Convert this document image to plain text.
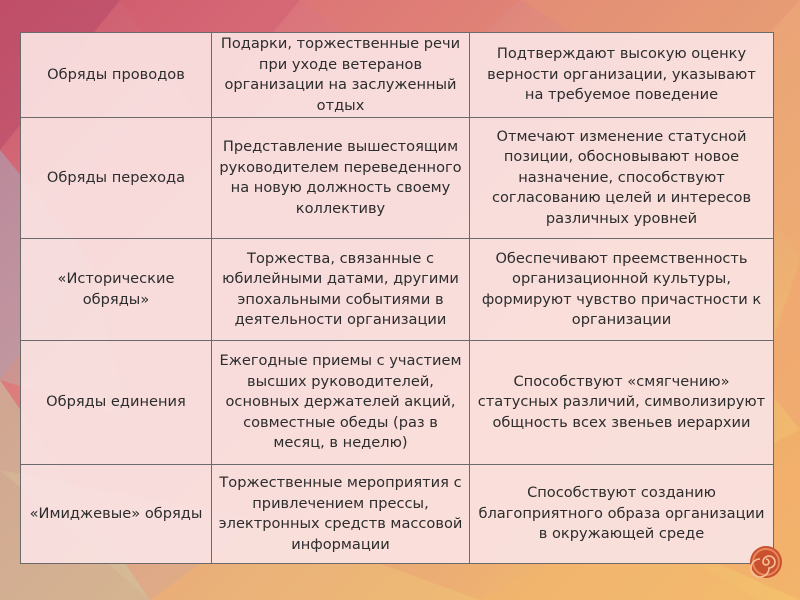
Обряды проводов	Подарки, торжественные речи при уходе ветеранов организации на заслуженный отдых	Подтверждают высокую оценку верности организации, указывают на требуемое поведение

Обряды перехода	Представление вышестоящим руководителем переведенного на новую должность своему коллективу	Отмечают изменение статусной позиции, обосновывают новое назначение, способствуют согласованию целей и интересов различных уровней

«Исторические обряды»	Торжества, связанные с юбилейными датами, другими эпохальными событиями в деятельности организации	Обеспечивают преемственность организационной культуры, формируют чувство причастности к организации

Обряды единения	Ежегодные приемы с участием высших руководителей, основных держателей акций, совместные обеды (раз в месяц, в неделю)	Способствуют «смягчению» статусных различий, символизируют общность всех звеньев иерархии

«Имиджевые» обряды	Торжественные мероприятия с привлечением прессы, электронных средств массовой информации	Способствуют созданию благоприятного образа организации в окружающей среде
